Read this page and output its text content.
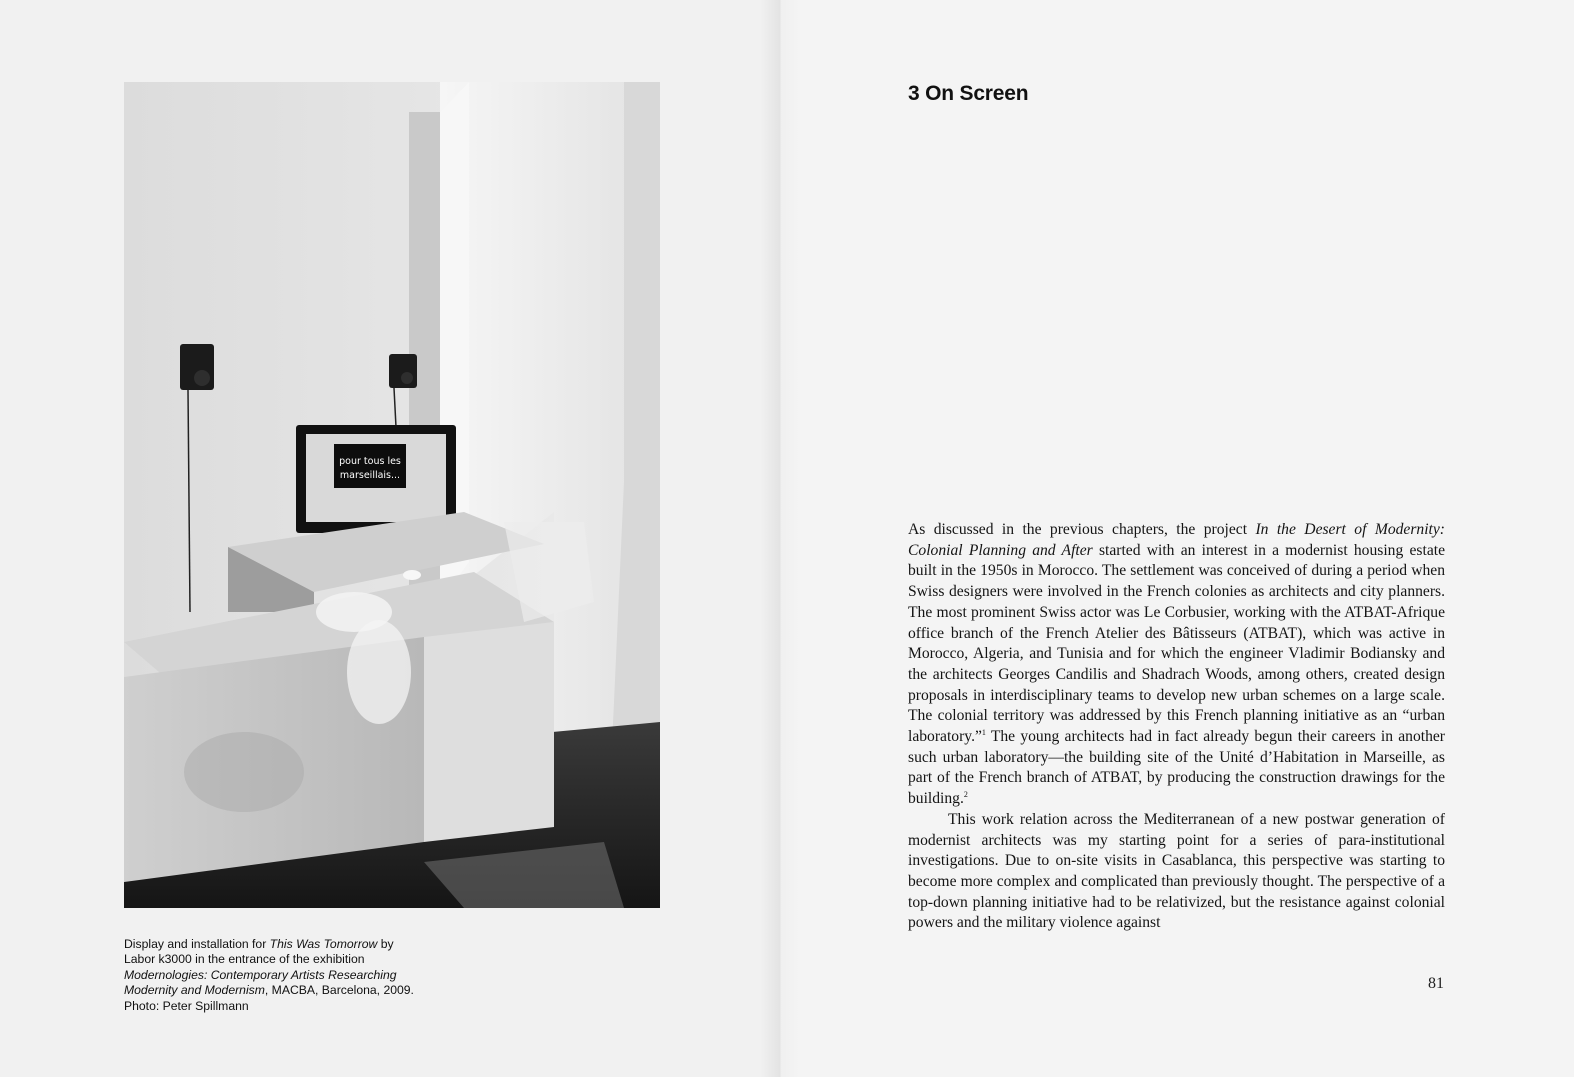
pour tous les
marseillais...
Display and installation for This Was Tomorrow by
Labor k3000 in the entrance of the exhibition
Modernologies: Contemporary Artists Researching
Modernity and Modernism, MACBA, Barcelona, 2009.
Photo: Peter Spillmann
3 On Screen

As discussed in the previous chapters, the project In the Desert of Modernity: Colonial Planning and After started with an interest in a modernist housing estate built in the 1950s in Morocco. The settlement was conceived of during a period when Swiss designers were involved in the French colonies as architects and city planners. The most prominent Swiss actor was Le Corbusier, working with the ATBAT-Afrique office branch of the French Atelier des Bâtisseurs (ATBAT), which was active in Morocco, Algeria, and Tunisia and for which the engineer Vladimir Bodiansky and the architects Georges Candilis and Shadrach Woods, among others, created design proposals in interdisciplinary teams to develop new urban schemes on a large scale. The colonial territory was addressed by this French planning initiative as an “urban laboratory.”$^1$ The young architects had in fact already begun their careers in another such urban laboratory—the building site of the Unité d’Habitation in Marseille, as part of the French branch of ATBAT, by producing the construction drawings for the building.$^2$

This work relation across the Mediterranean of a new postwar generation of modernist architects was my starting point for a series of para-institutional investigations. Due to on-site visits in Casablanca, this perspective was starting to become more complex and complicated than previously thought. The perspective of a top-down planning initiative had to be relativized, but the resistance against colonial powers and the military violence against

81
